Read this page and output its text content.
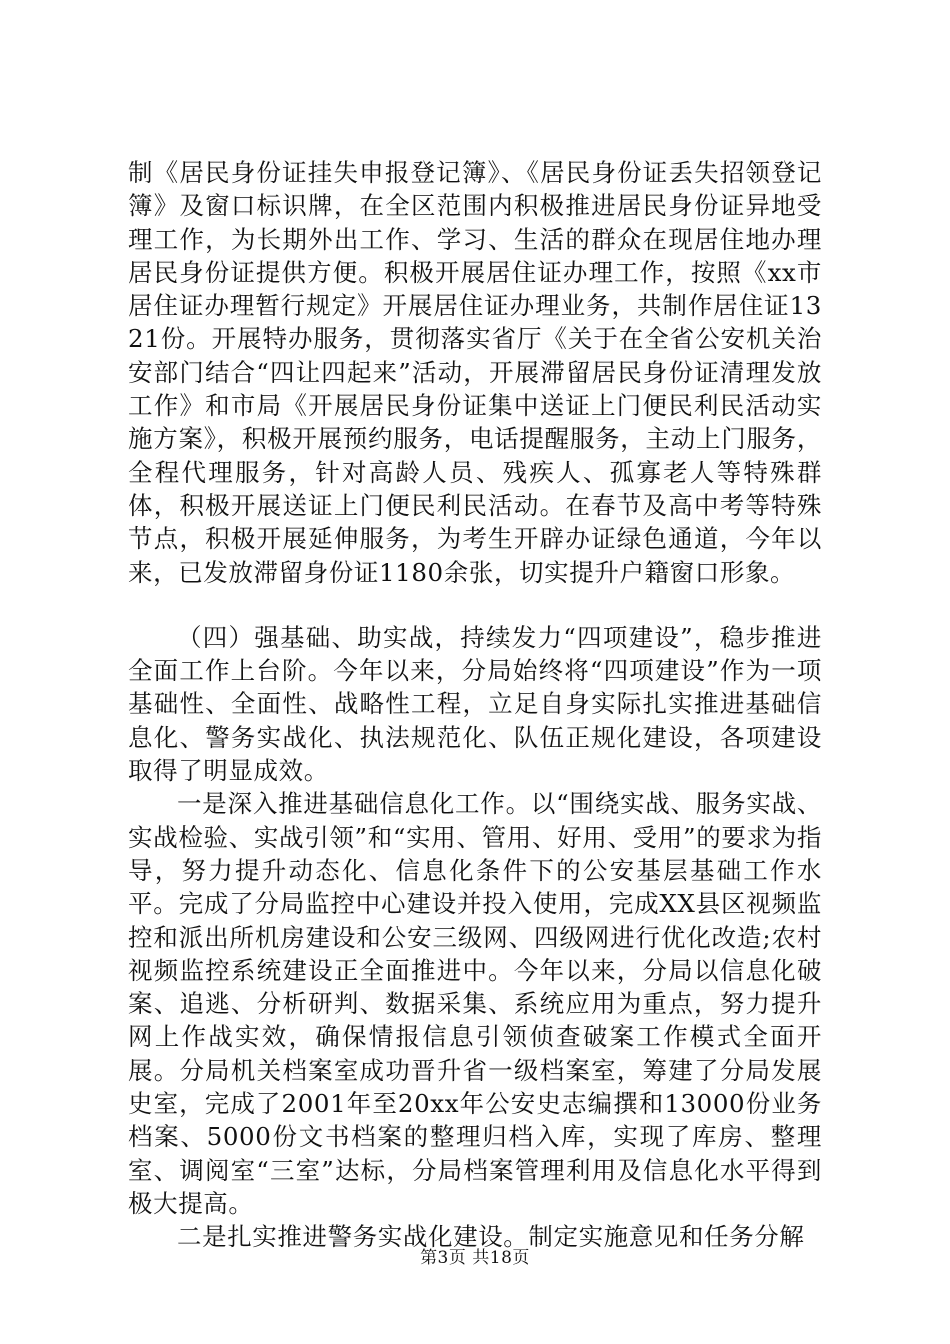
制《居民身份证挂失申报登记簿》、《居民身份证丢失招领登记簿》及窗口标识牌，在全区范围内积极推进居民身份证异地受理工作，为长期外出工作、学习、生活的群众在现居住地办理居民身份证提供方便。积极开展居住证办理工作，按照《xx市居住证办理暂行规定》开展居住证办理业务，共制作居住证1321份。开展特办服务，贯彻落实省厅《关于在全省公安机关治安部门结合“四让四起来”活动，开展滞留居民身份证清理发放工作》和市局《开展居民身份证集中送证上门便民利民活动实施方案》，积极开展预约服务，电话提醒服务，主动上门服务，全程代理服务，针对高龄人员、残疾人、孤寡老人等特殊群体，积极开展送证上门便民利民活动。在春节及高中考等特殊节点，积极开展延伸服务，为考生开辟办证绿色通道，今年以来，已发放滞留身份证1180余张，切实提升户籍窗口形象。

（四）强基础、助实战，持续发力“四项建设”，稳步推进全面工作上台阶。今年以来，分局始终将“四项建设”作为一项基础性、全面性、战略性工程，立足自身实际扎实推进基础信息化、警务实战化、执法规范化、队伍正规化建设，各项建设取得了明显成效。

一是深入推进基础信息化工作。以“围绕实战、服务实战、实战检验、实战引领”和“实用、管用、好用、受用”的要求为指导，努力提升动态化、信息化条件下的公安基层基础工作水平。完成了分局监控中心建设并投入使用，完成XX县区视频监控和派出所机房建设和公安三级网、四级网进行优化改造;农村视频监控系统建设正全面推进中。今年以来，分局以信息化破案、追逃、分析研判、数据采集、系统应用为重点，努力提升网上作战实效，确保情报信息引领侦查破案工作模式全面开展。分局机关档案室成功晋升省一级档案室，筹建了分局发展史室，完成了2001年至20xx年公安史志编撰和13000份业务档案、5000份文书档案的整理归档入库，实现了库房、整理室、调阅室“三室”达标，分局档案管理利用及信息化水平得到极大提高。

二是扎实推进警务实战化建设。制定实施意见和任务分解

第3页 共18页
